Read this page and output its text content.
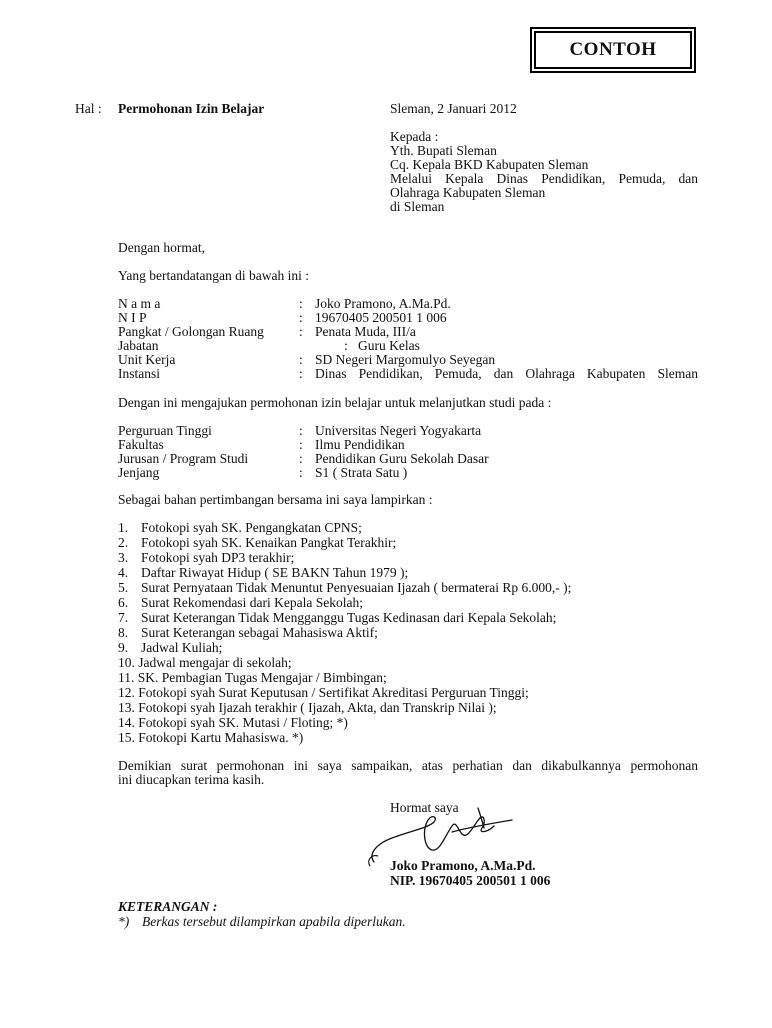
CONTOH
Hal : Permohonan Izin Belajar	Sleman, 2 Januari 2012
Kepada :
Yth. Bupati Sleman
Cq. Kepala BKD Kabupaten Sleman
Melalui Kepala Dinas Pendidikan, Pemuda, dan
Olahraga Kabupaten Sleman
di Sleman
Dengan hormat,
Yang bertandatangan di bawah ini :
N a m a	: Joko Pramono, A.Ma.Pd.
N I P	: 19670405 200501 1 006
Pangkat / Golongan Ruang	: Penata Muda, III/a
Jabatan	: Guru Kelas
Unit Kerja	: SD Negeri Margomulyo Seyegan
Instansi	: Dinas Pendidikan, Pemuda, dan Olahraga Kabupaten Sleman
Dengan ini mengajukan permohonan izin belajar untuk melanjutkan studi pada :
Perguruan Tinggi	: Universitas Negeri Yogyakarta
Fakultas	: Ilmu Pendidikan
Jurusan / Program Studi	: Pendidikan Guru Sekolah Dasar
Jenjang	: S1 ( Strata Satu )
Sebagai bahan pertimbangan bersama ini saya lampirkan :
1. Fotokopi syah SK. Pengangkatan CPNS;
2. Fotokopi syah SK. Kenaikan Pangkat Terakhir;
3. Fotokopi syah DP3 terakhir;
4. Daftar Riwayat Hidup ( SE BAKN Tahun 1979 );
5. Surat Pernyataan Tidak Menuntut Penyesuaian Ijazah ( bermaterai Rp 6.000,- );
6. Surat Rekomendasi dari Kepala Sekolah;
7. Surat Keterangan Tidak Mengganggu Tugas Kedinasan dari Kepala Sekolah;
8. Surat Keterangan sebagai Mahasiswa Aktif;
9. Jadwal Kuliah;
10. Jadwal mengajar di sekolah;
11. SK. Pembagian Tugas Mengajar / Bimbingan;
12. Fotokopi syah Surat Keputusan / Sertifikat Akreditasi Perguruan Tinggi;
13. Fotokopi syah Ijazah terakhir ( Ijazah, Akta, dan Transkrip Nilai );
14. Fotokopi syah SK. Mutasi / Floting; *)
15. Fotokopi Kartu Mahasiswa. *)
Demikian surat permohonan ini saya sampaikan, atas perhatian dan dikabulkannya permohonan
ini diucapkan terima kasih.
Hormat saya
Joko Pramono, A.Ma.Pd.
NIP. 19670405 200501 1 006
KETERANGAN :
*) Berkas tersebut dilampirkan apabila diperlukan.
